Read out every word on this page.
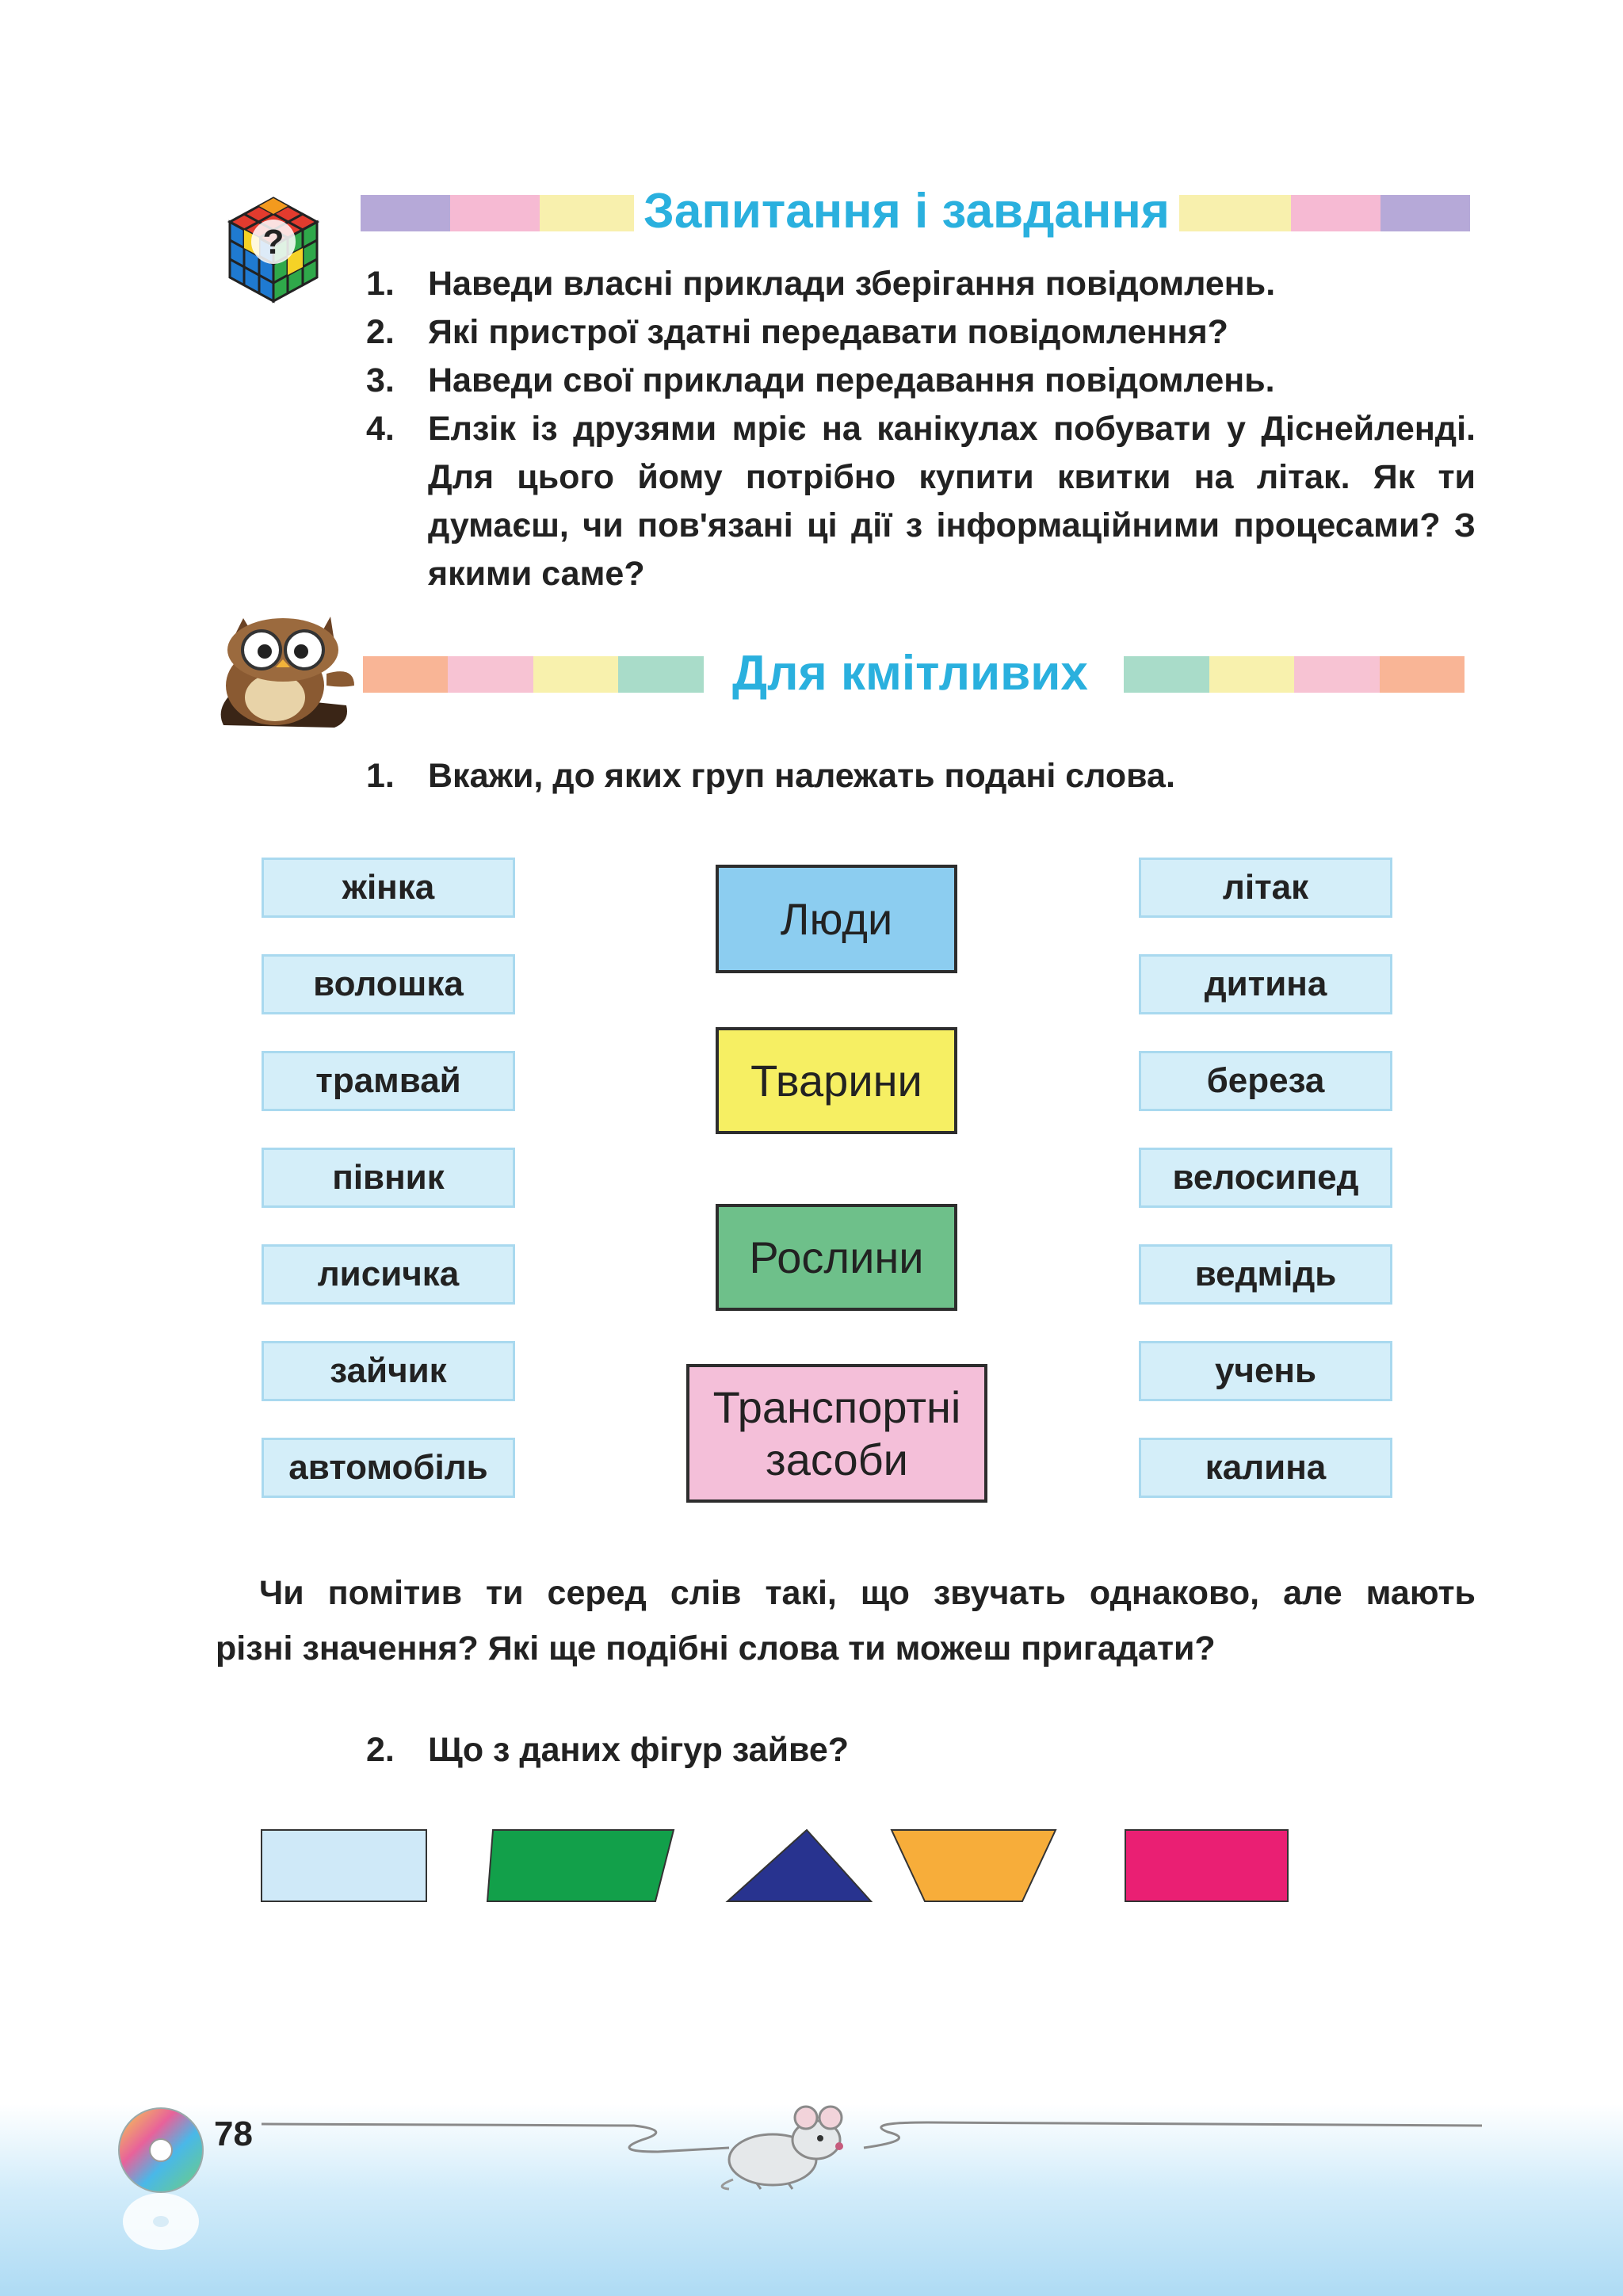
?
Запитання і завдання
1. Наведи власні приклади зберігання повідомлень.
2. Які пристрої здатні передавати повідомлення?
3. Наведи свої приклади передавання повідомлень.
4. Елзік із друзями мріє на канікулах побувати у Діснейленді. Для цього йому потрібно купити квитки на літак. Як ти думаєш, чи пов'язані ці дії з інформаційними процесами? З якими саме?
Для кмітливих
1. Вкажи, до яких груп належать подані слова.
жінка
волошка
трамвай
півник
лисичка
зайчик
автомобіль
літак
дитина
береза
велосипед
ведмідь
учень
калина
Люди
Тварини
Рослини
Транспортні засоби
Чи помітив ти серед слів такі, що звучать однаково, але мають
різні значення? Які ще подібні слова ти можеш пригадати?
2. Що з даних фігур зайве?
78
